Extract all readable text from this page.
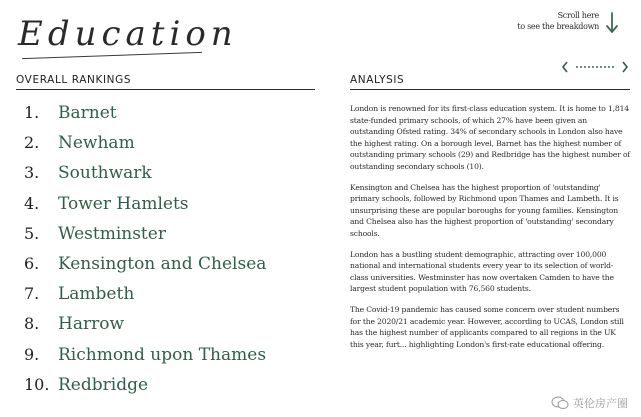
Education	Scroll here
to see the breakdown
OVERALL RANKINGS	ANALYSIS
1.	Barnet
2.	Newham
3.	Southwark
4.	Tower Hamlets
5.	Westminster
6.	Kensington and Chelsea
7.	Lambeth
8.	Harrow
9.	Richmond upon Thames
10. Redbridge

London is renowned for its first-class education system. It is home to 1,814 state-funded primary schools, of which 27% have been given an outstanding Ofsted rating. 34% of secondary schools in London also have the highest rating. On a borough level, Barnet has the highest number of outstanding primary schools (29) and Redbridge has the highest number of outstanding secondary schools (10).

Kensington and Chelsea has the highest proportion of 'outstanding' primary schools, followed by Richmond upon Thames and Lambeth. It is unsurprising these are popular boroughs for young families. Kensington and Chelsea also has the highest proportion of 'outstanding' secondary schools.

London has a bustling student demographic, attracting over 100,000 national and international students every year to its selection of world-class universities. Westminster has now overtaken Camden to have the largest student population with 76,560 students.

The Covid-19 pandemic has caused some concern over student numbers for the 2020/21 academic year. However, according to UCAS, London still has the highest number of applicants compared to all regions in the UK this year, furt... highlighting London's first-rate educational offering.

英伦房产圈
